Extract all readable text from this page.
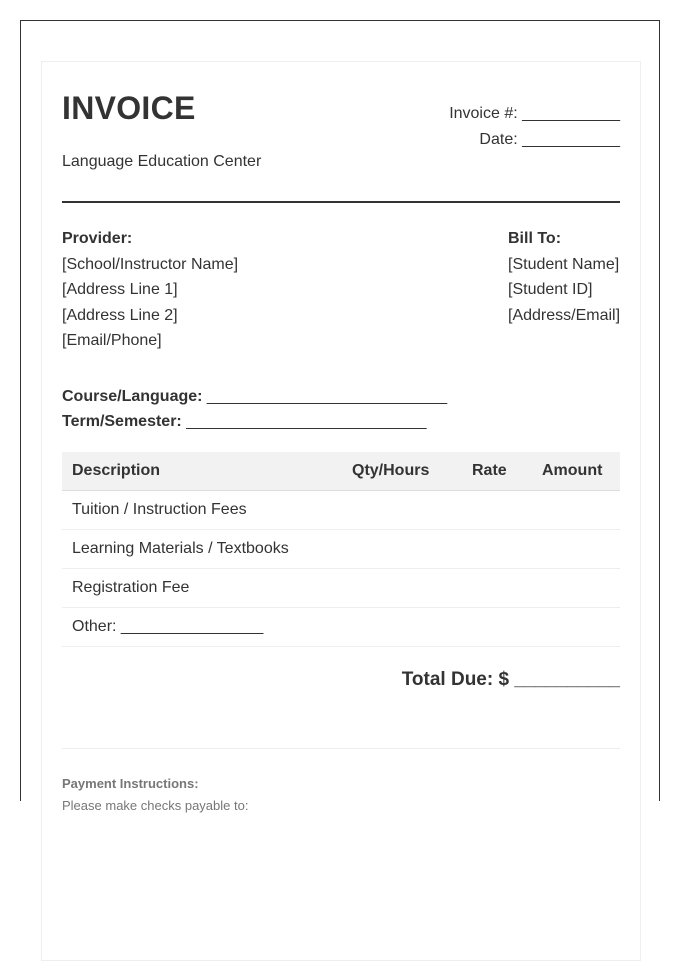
INVOICE
Language Education Center
Invoice #: ___________
Date: ___________
Provider:
[School/Instructor Name]
[Address Line 1]
[Address Line 2]
[Email/Phone]
Bill To:
[Student Name]
[Student ID]
[Address/Email]
Course/Language: ___________________________
Term/Semester: ___________________________
Description	Qty/Hours	Rate	Amount
Tuition / Instruction Fees			
Learning Materials / Textbooks			
Registration Fee			
Other: ________________			
Total Due: $ __________
Payment Instructions:
Please make checks payable to:
